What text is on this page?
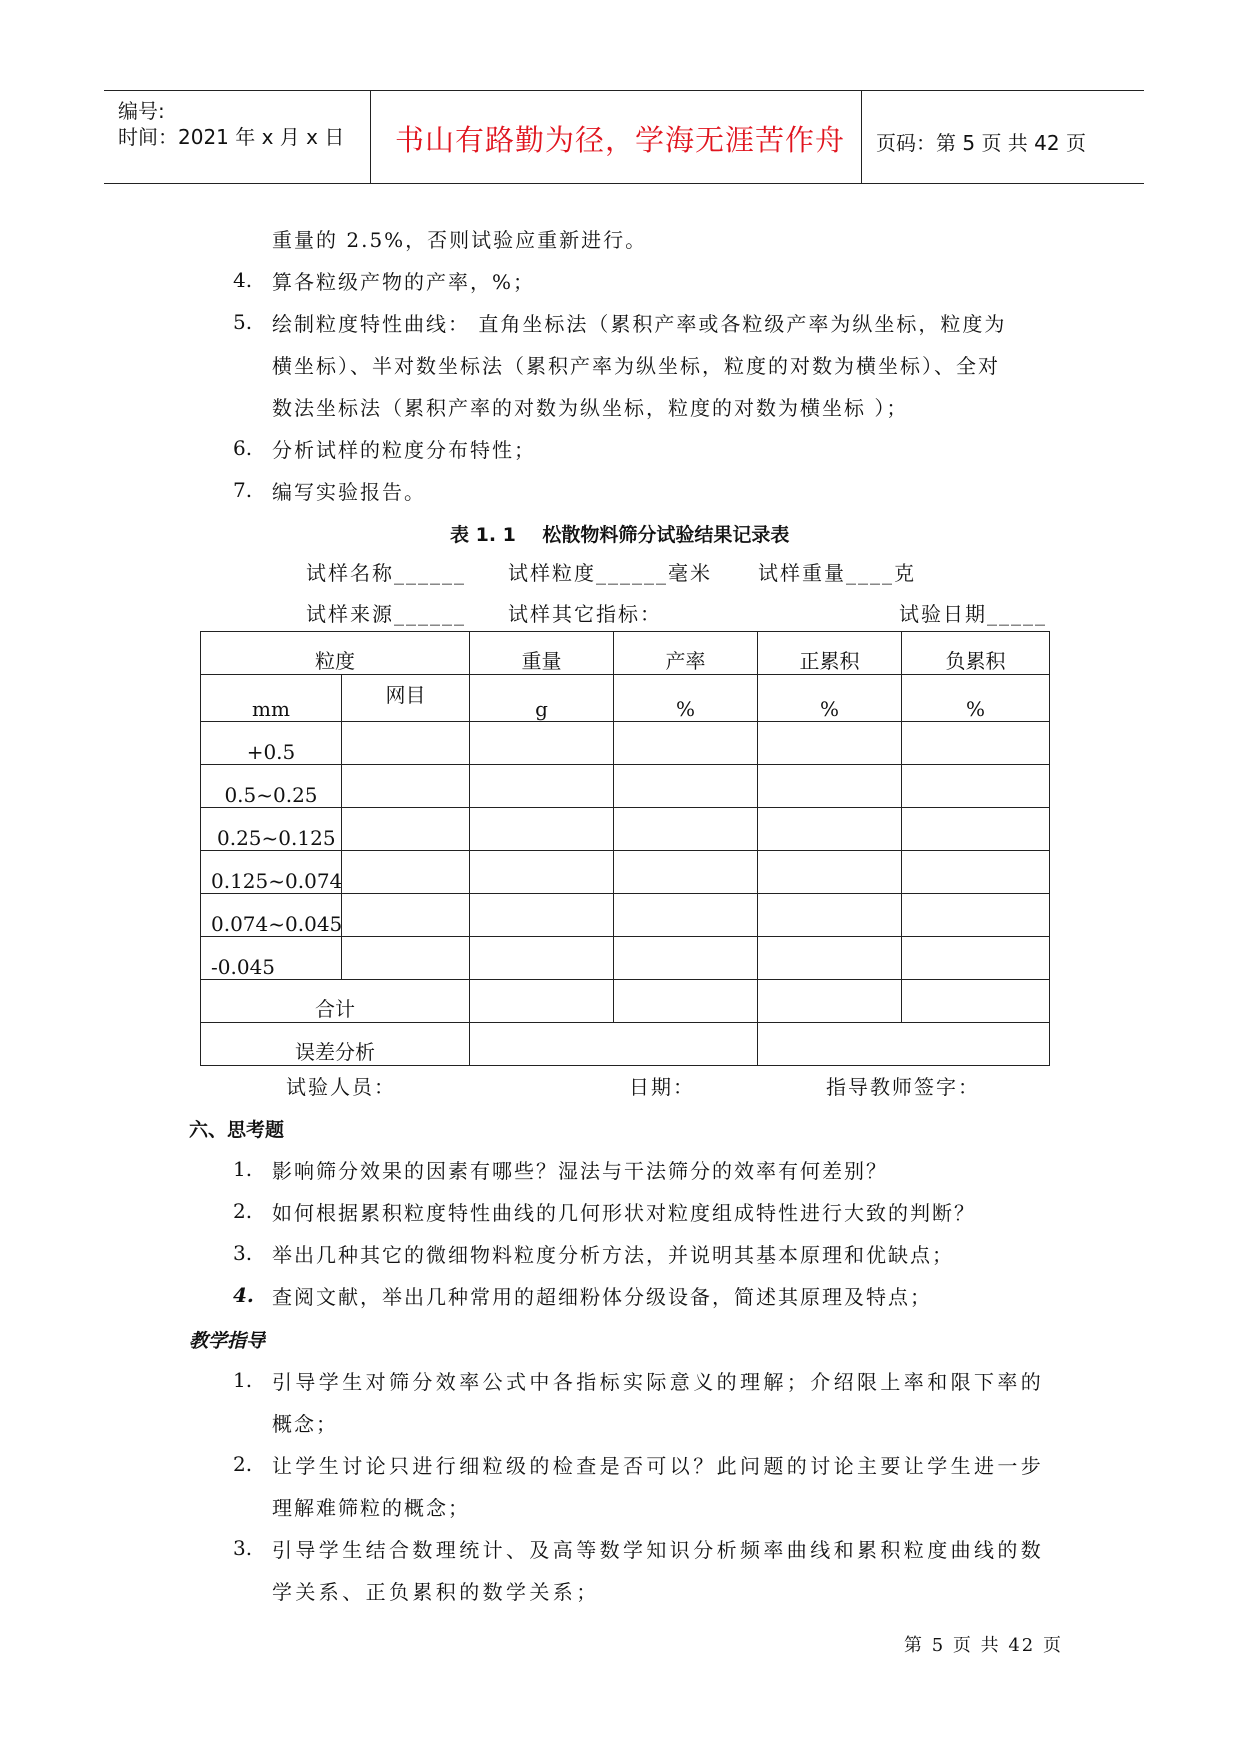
编号:
时间：2021 年 x 月 x 日 书山有路勤为径，学海无涯苦作舟 页码：第 5 页 共 42 页
重量的 2.5%，否则试验应重新进行。
4. 算各粒级产物的产率，%；
5. 绘制粒度特性曲线： 直角坐标法（累积产率或各粒级产率为纵坐标，粒度为
横坐标）、半对数坐标法（累积产率为纵坐标，粒度的对数为横坐标）、全对
数法坐标法（累积产率的对数为纵坐标，粒度的对数为横坐标 ）；
6. 分析试样的粒度分布特性；
7. 编写实验报告。
表 1. 1    松散物料筛分试验结果记录表
试样名称______ 试样粒度______毫米 试样重量____克
试样来源______ 试样其它指标：	试验日期_____
粒度		重量	产率	正累积	负累积
mm	网目	g	%	%	%
+0.5					
0.5~0.25					
0.25~0.125					
0.125~0.074					
0.074~0.045					
-0.045					
合计					
误差分析					
试验人员：	日期：	指导教师签字：
六、思考题
1. 影响筛分效果的因素有哪些？湿法与干法筛分的效率有何差别？
2. 如何根据累积粒度特性曲线的几何形状对粒度组成特性进行大致的判断？
3. 举出几种其它的微细物料粒度分析方法，并说明其基本原理和优缺点；
4. 查阅文献，举出几种常用的超细粉体分级设备，简述其原理及特点；
教学指导
1. 引导学生对筛分效率公式中各指标实际意义的理解；介绍限上率和限下率的
概念；
2. 让学生讨论只进行细粒级的检查是否可以？此问题的讨论主要让学生进一步
理解难筛粒的概念；
3. 引导学生结合数理统计、及高等数学知识分析频率曲线和累积粒度曲线的数
学关系、正负累积的数学关系；
第 5 页 共 42 页
